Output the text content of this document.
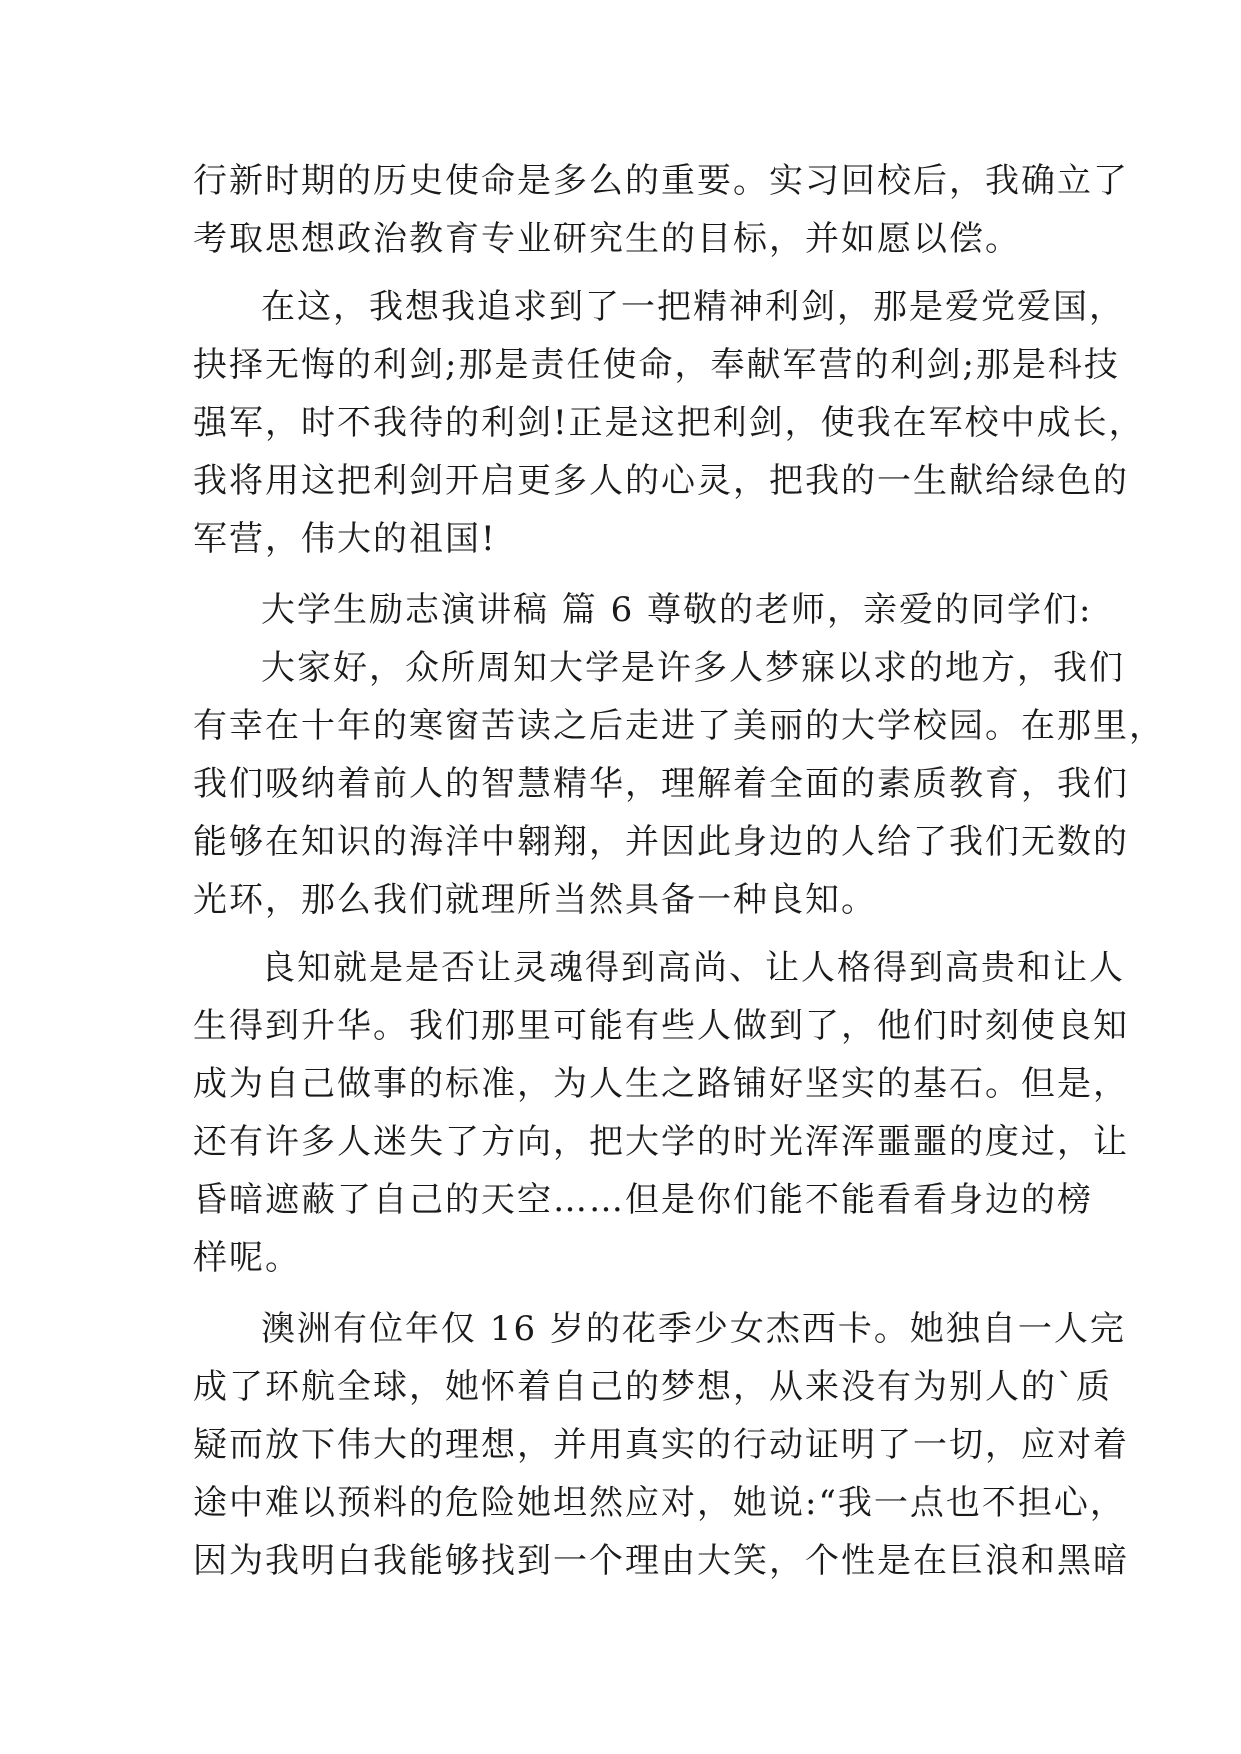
行新时期的历史使命是多么的重要。实习回校后，我确立了
考取思想政治教育专业研究生的目标，并如愿以偿。
在这，我想我追求到了一把精神利剑，那是爱党爱国，
抉择无悔的利剑;那是责任使命，奉献军营的利剑;那是科技
强军，时不我待的利剑!正是这把利剑，使我在军校中成长，
我将用这把利剑开启更多人的心灵，把我的一生献给绿色的
军营，伟大的祖国!
大学生励志演讲稿 篇 6 尊敬的老师，亲爱的同学们:
大家好，众所周知大学是许多人梦寐以求的地方，我们
有幸在十年的寒窗苦读之后走进了美丽的大学校园。在那里，
我们吸纳着前人的智慧精华，理解着全面的素质教育，我们
能够在知识的海洋中翱翔，并因此身边的人给了我们无数的
光环，那么我们就理所当然具备一种良知。
良知就是是否让灵魂得到高尚、让人格得到高贵和让人
生得到升华。我们那里可能有些人做到了，他们时刻使良知
成为自己做事的标准，为人生之路铺好坚实的基石。但是，
还有许多人迷失了方向，把大学的时光浑浑噩噩的度过，让
昏暗遮蔽了自己的天空……但是你们能不能看看身边的榜
样呢。
澳洲有位年仅 16 岁的花季少女杰西卡。她独自一人完
成了环航全球，她怀着自己的梦想，从来没有为别人的`质
疑而放下伟大的理想，并用真实的行动证明了一切，应对着
途中难以预料的危险她坦然应对，她说:“我一点也不担心，
因为我明白我能够找到一个理由大笑，个性是在巨浪和黑暗
